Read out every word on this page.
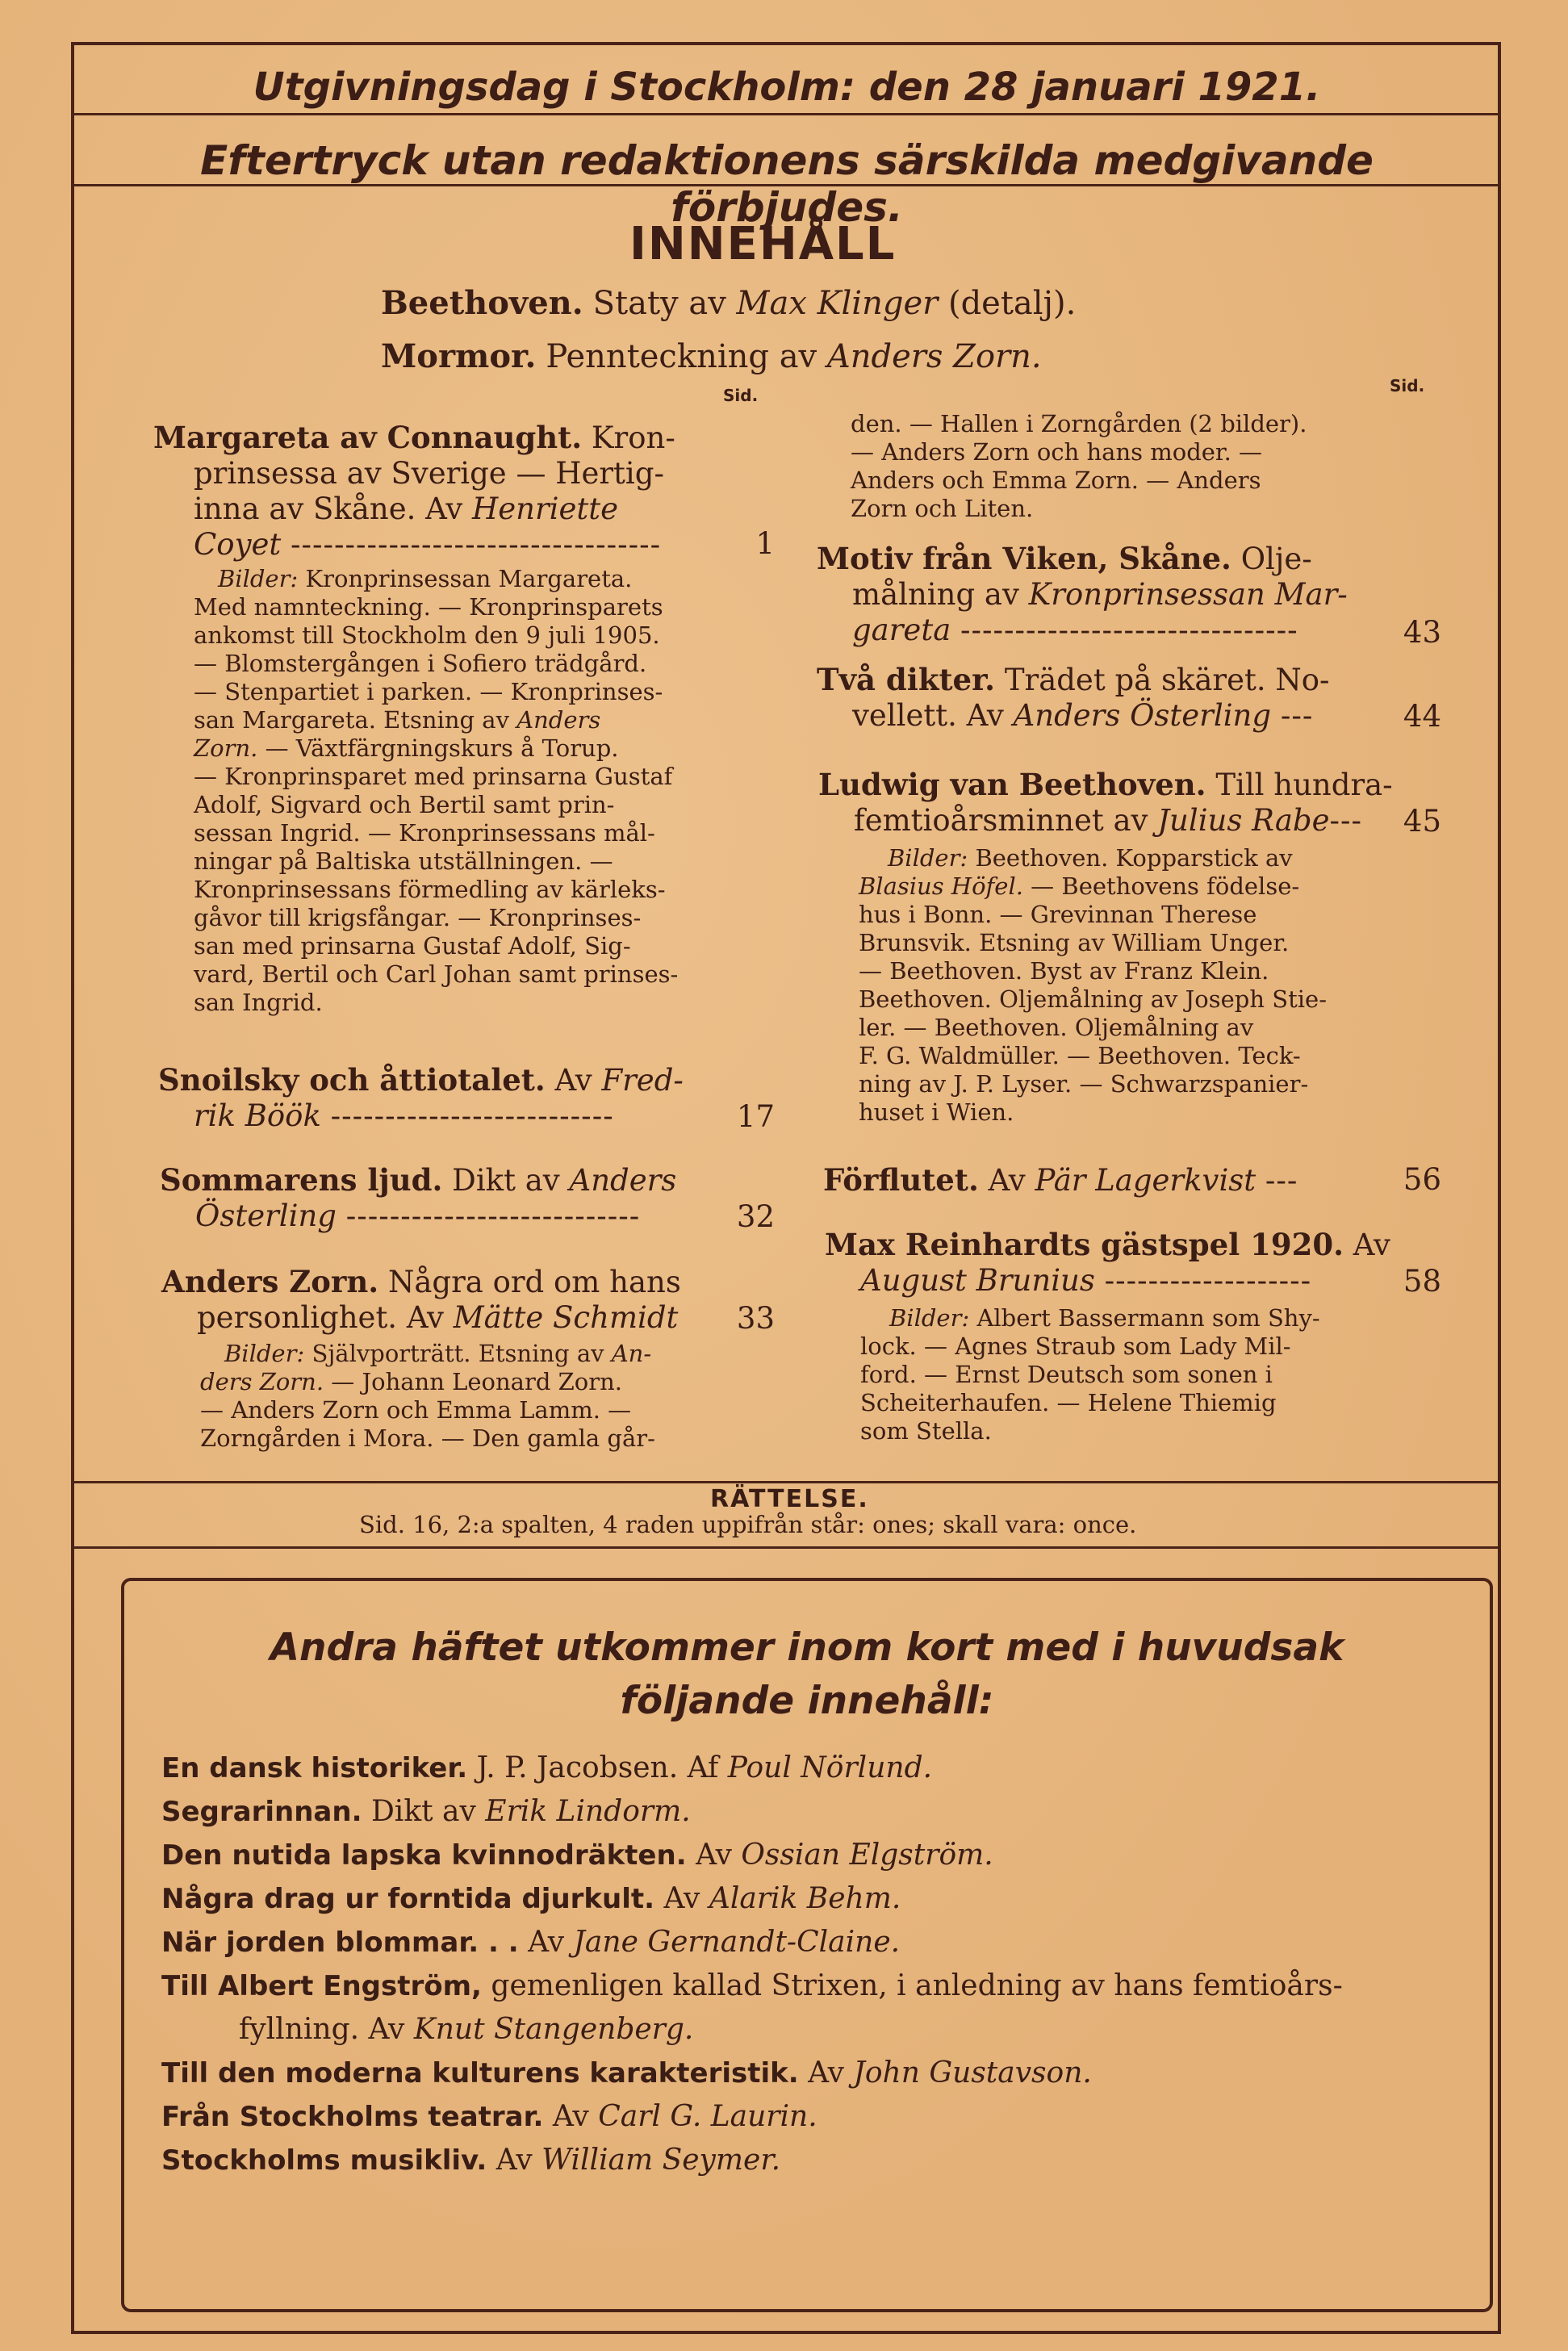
Utgivningsdag i Stockholm: den 28 januari 1921.
Eftertryck utan redaktionens särskilda medgivande förbjudes.
INNEHÅLL
Beethoven. Staty av Max Klinger (detalj).
Mormor. Pennteckning av Anders Zorn.
Sid.	Sid.
Margareta av Connaught. Kron-
prinsessa av Sverige — Hertig-
inna av Skåne. Av Henriette
Coyet ----------------------------------	1
Bilder: Kronprinsessan Margareta.
Med namnteckning. — Kronprinsparets
ankomst till Stockholm den 9 juli 1905.
— Blomstergången i Sofiero trädgård.
— Stenpartiet i parken. — Kronprinses-
san Margareta. Etsning av Anders
Zorn. — Växtfärgningskurs å Torup.
— Kronprinsparet med prinsarna Gustaf
Adolf, Sigvard och Bertil samt prin-
sessan Ingrid. — Kronprinsessans mål-
ningar på Baltiska utställningen. —
Kronprinsessans förmedling av kärleks-
gåvor till krigsfångar. — Kronprinses-
san med prinsarna Gustaf Adolf, Sig-
vard, Bertil och Carl Johan samt prinses-
san Ingrid.
Snoilsky och åttiotalet. Av Fred-
rik Böök --------------------------	17
Sommarens ljud. Dikt av Anders
Österling ---------------------------	32
Anders Zorn. Några ord om hans
personlighet. Av Mätte Schmidt	33
Bilder: Självporträtt. Etsning av An-
ders Zorn. — Johann Leonard Zorn.
— Anders Zorn och Emma Lamm. —
Zorngården i Mora. — Den gamla går-
den. — Hallen i Zorngården (2 bilder).
— Anders Zorn och hans moder. —
Anders och Emma Zorn. — Anders
Zorn och Liten.
Motiv från Viken, Skåne. Olje-
målning av Kronprinsessan Mar-
gareta -------------------------------	43
Två dikter. Trädet på skäret. No-
vellett. Av Anders Österling ---	44
Ludwig van Beethoven. Till hundra-
femtioårsminnet av Julius Rabe---	45
Bilder: Beethoven. Kopparstick av
Blasius Höfel. — Beethovens födelse-
hus i Bonn. — Grevinnan Therese
Brunsvik. Etsning av William Unger.
— Beethoven. Byst av Franz Klein.
Beethoven. Oljemålning av Joseph Stie-
ler. — Beethoven. Oljemålning av
F. G. Waldmüller. — Beethoven. Teck-
ning av J. P. Lyser. — Schwarzspanier-
huset i Wien.
Förflutet. Av Pär Lagerkvist ---	56
Max Reinhardts gästspel 1920. Av
August Brunius -------------------	58
Bilder: Albert Bassermann som Shy-
lock. — Agnes Straub som Lady Mil-
ford. — Ernst Deutsch som sonen i
Scheiterhaufen. — Helene Thiemig
som Stella.
RÄTTELSE.
Sid. 16, 2:a spalten, 4 raden uppifrån står: ones; skall vara: once.
Andra häftet utkommer inom kort med i huvudsak
följande innehåll:
En dansk historiker. J. P. Jacobsen. Af Poul Nörlund.
Segrarinnan. Dikt av Erik Lindorm.
Den nutida lapska kvinnodräkten. Av Ossian Elgström.
Några drag ur forntida djurkult. Av Alarik Behm.
När jorden blommar. . . Av Jane Gernandt-Claine.
Till Albert Engström, gemenligen kallad Strixen, i anledning av hans femtioårs-
fyllning. Av Knut Stangenberg.
Till den moderna kulturens karakteristik. Av John Gustavson.
Från Stockholms teatrar. Av Carl G. Laurin.
Stockholms musikliv. Av William Seymer.
